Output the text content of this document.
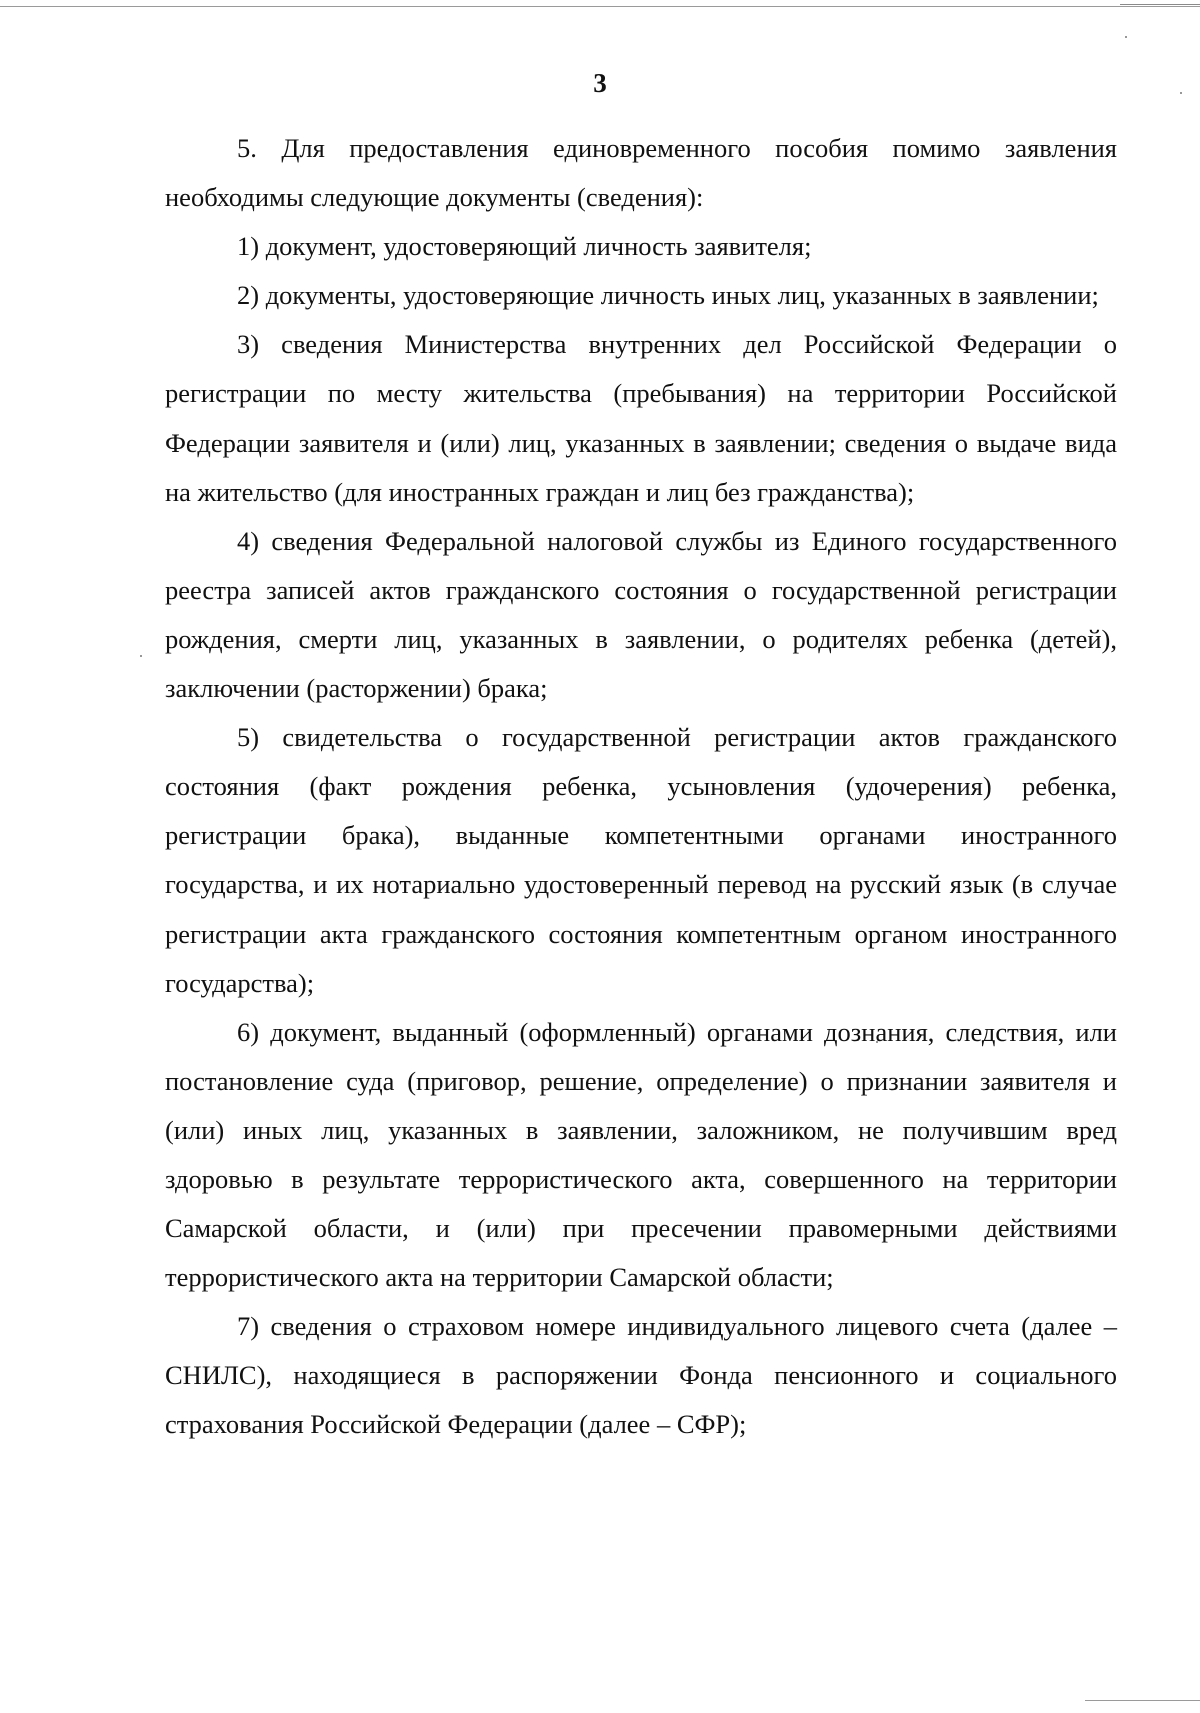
3

5. Для предоставления единовременного пособия помимо заявления необходимы следующие документы (сведения):

1) документ, удостоверяющий личность заявителя;

2) документы, удостоверяющие личность иных лиц, указанных в заявлении;

3) сведения Министерства внутренних дел Российской Федерации о регистрации по месту жительства (пребывания) на территории Российской Федерации заявителя и (или) лиц, указанных в заявлении; сведения о выдаче вида на жительство (для иностранных граждан и лиц без гражданства);

4) сведения Федеральной налоговой службы из Единого государственного реестра записей актов гражданского состояния о государственной регистрации рождения, смерти лиц, указанных в заявлении, о родителях ребенка (детей), заключении (расторжении) брака;

5) свидетельства о государственной регистрации актов гражданского состояния (факт рождения ребенка, усыновления (удочерения) ребенка, регистрации брака), выданные компетентными органами иностранного государства, и их нотариально удостоверенный перевод на русский язык (в случае регистрации акта гражданского состояния компетентным органом иностранного государства);

6) документ, выданный (оформленный) органами дознания, следствия, или постановление суда (приговор, решение, определение) о признании заявителя и (или) иных лиц, указанных в заявлении, заложником, не получившим вред здоровью в результате террористического акта, совершенного на территории Самарской области, и (или) при пресечении правомерными действиями террористического акта на территории Самарской области;

7) сведения о страховом номере индивидуального лицевого счета (далее – СНИЛС), находящиеся в распоряжении Фонда пенсионного и социального страхования Российской Федерации (далее – СФР);
